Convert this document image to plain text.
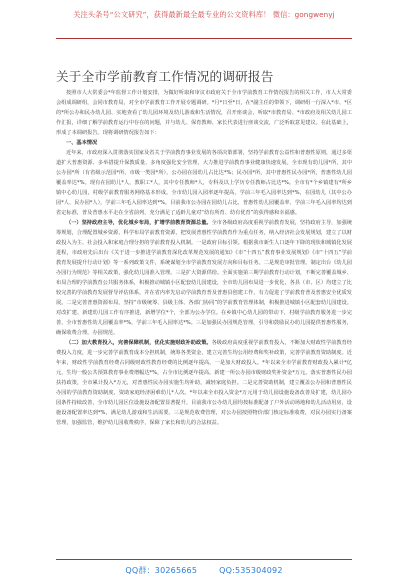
关注头条号“公文研究”，获得最新最全最专业的公文资料库！ 微信：gongwenyj
关于全市学前教育工作情况的调研报告

按照市人大常委会*年监督工作计划安排，为做好听取和审议市政府关于全市学前教育工作情况报告的相关工作，市人大常委会组成调研组，会同市教育局，对全市学前教育工作开展专题调研。*月*日至*日，在*副主任的带领下，调研组一行深入*市、*区的*所公办和民办幼儿园、实地查看了幼儿园环境及幼儿游戏和生活情况，召开座谈会，听取*市教育局、*市政府及相关幼儿园工作汇报，详细了解学前教育运行中存在的问题，并与幼儿、保育教师、家长代表进行座谈交流，广泛听取意见建议。在此基础上，形成了本调研报告。现将调研情况报告如下：

一、基本情况

近年来，市政府深入贯彻落实国家及省关于学前教育事业发展的各项决策部署，坚持学前教育公益性和普惠性原则，通过多渠道扩大普惠资源、多举措提升保教质量、多角度强化安全管理，大力推进学前教育事业健康快速发展。全市现有幼儿园*所，其中公办园*所（有省级示范园*所、市级一类园*所），公办园在园幼儿占比达*%；民办园*所，其中普惠性民办园*所，普惠性幼儿园覆盖率达*%。现有在园幼儿*人，教职工*人，其中专任教师*人，专科及以上学历专任教师占比达*%。全市有*个乡镇建有*所乡镇中心幼儿园，村级学前教育服务网络基本形成。全市幼儿园入园率逐年提高，学前三年毛入园率达到*%，在园幼儿（其中公办园*人、民办园*人），学前三年毛入园率达到*%。目前我市公办园在园幼儿占比、普惠性幼儿园覆盖率、学前三年毛入园率均达到省定标准，普及普惠水平走在全省前列，充分满足了适龄儿童对“幼有所育、幼有优育”的获得感和幸福感。

（一）坚持政府主导，优化城乡布局，扩增学前教育资源总量。全市各级政府高度重视学前教育发展，坚持政府主导，加强统筹规划，合理配置城乡资源，科学布局学前教育资源，把发展普惠性学前教育作为重点任务，纳入经济社会发展规划，建立了以财政投入为主、社会投入和家庭合理分担的学前教育投入机制。一是政府目标引领。根据我市新生人口逐年下降的现状和城镇化发展进程，市政府先后出台《关于进一步推进学前教育深化改革规范发展的通知》《市“十四五”教育事业发展规划》《市“十四五”学前教育发展提升行动计划》等一系列政策文件，系统谋划全市学前教育发展方向和目标任务。二是规范审批管理。制定出台《幼儿园办园行为规范》等相关政策，强化幼儿园准入管理。三是扩大资源供给。全面实施第三期学前教育行动计划，不断完善覆盖城乡、布局合理的学前教育公共服务体系，积极推动城镇小区配套幼儿园建设，全市幼儿园布局进一步优化，各县（市、区）均建立了比较完善的学前教育发展督导评估体系，并在省内率先启动学前教育普及普惠县创建工作，有力促进了学前教育普及普惠安全优质发展。二是完善普惠资源布局，坚持“市级统筹、县级主体、各部门协同”的学前教育管理体制，积极推进城镇小区配套幼儿园建设。对改扩建、新建幼儿园工作有序推进，新增学位*个，全部为公办学位。在乡镇中心幼儿园的带动下，村级学前教育服务进一步完善，全市普惠性幼儿园覆盖率*%，学前三年毛入园率达*%。三是加强民办园规范管理，引导和鼓励民办幼儿园提供普惠性服务，确保收费合理，办园规范。

（二）加大教育投入，完善保障机制，优化实施财政补助政策。各级政府高度重视学前教育投入，不断加大财政性学前教育经费投入力度，进一步完善学前教育成本分担机制，统筹各类资金，建立完善生均公用经费和奖补政策，完善学前教育资助制度。近年来，财政性学前教育经费占同级财政性教育经费的比例逐年提高。一是加大财政投入。*年以来全市学前教育财政投入累计*亿元，生均一般公共预算教育事业费增幅达*%，占全市比例逐年提高。新建一所公办园市级财政奖补资金*万元。落实普惠性民办园扶持政策，全市累计投入*万元，对普惠性民办园实施生均补助，减轻家庭负担。二是完善资助机制，建立覆盖公办园和普惠性民办园的学前教育资助制度，资助家庭经济困难幼儿*人次。*年以来全市投入资金*万元用于幼儿园设施设备改善及扩建，幼儿园办园条件持续改善，全市幼儿园区位设施设备配置显著提升。目前我市公办幼儿园均按标准配备了户外活动场地和幼儿活动用房，设施设备配置率达到*%，满足幼儿游戏和生活需要。三是规范收费管理，对公办园按照物价部门核定标准收费，对民办园实行备案管理，加强监管，维护幼儿园收费秩序，保障了家长和幼儿的合法权益。

QQ群：30265665	QQ:535304092
